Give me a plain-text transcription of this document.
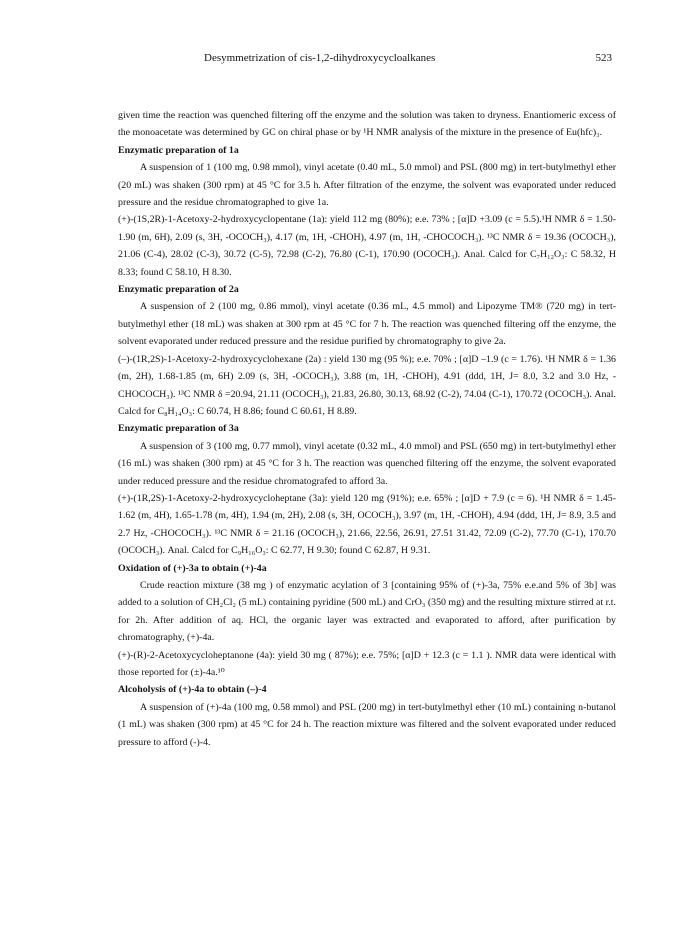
Desymmetrization of cis-1,2-dihydroxycycloalkanes	523

given time the reaction was quenched filtering off the enzyme and the solution was taken to dryness. Enantiomeric excess of the monoacetate was determined by GC on chiral phase or by ¹H NMR analysis of the mixture in the presence of Eu(hfc)₃.

Enzymatic preparation of 1a

A suspension of 1 (100 mg, 0.98 mmol), vinyl acetate (0.40 mL, 5.0 mmol) and PSL (800 mg) in tert-butylmethyl ether (20 mL) was shaken (300 rpm) at 45 °C for 3.5 h. After filtration of the enzyme, the solvent was evaporated under reduced pressure and the residue chromatographed to give 1a.

(+)-(1S,2R)-1-Acetoxy-2-hydroxycyclopentane (1a): yield 112 mg (80%); e.e. 73% ; [α]D +3.09 (c = 5.5).¹H NMR δ = 1.50-1.90 (m, 6H), 2.09 (s, 3H, -OCOCH₃), 4.17 (m, 1H, -CHOH), 4.97 (m, 1H, -CHOCOCH₃). ¹³C NMR δ = 19.36 (OCOCH₃), 21.06 (C-4), 28.02 (C-3), 30.72 (C-5), 72.98 (C-2), 76.80 (C-1), 170.90 (OCOCH₃). Anal. Calcd for C₇H₁₂O₃: C 58.32, H 8.33; found C 58.10, H 8.30.

Enzymatic preparation of 2a

A suspension of 2 (100 mg, 0.86 mmol), vinyl acetate (0.36 mL, 4.5 mmol) and Lipozyme TM® (720 mg) in tert-butylmethyl ether (18 mL) was shaken at 300 rpm at 45 °C for 7 h. The reaction was quenched filtering off the enzyme, the solvent evaporated under reduced pressure and the residue purified by chromatography to give 2a.

(–)-(1R,2S)-1-Acetoxy-2-hydroxycyclohexane (2a) : yield 130 mg (95 %); e.e. 70% ; [α]D –1.9 (c = 1.76). ¹H NMR δ = 1.36 (m, 2H), 1.68-1.85 (m, 6H) 2.09 (s, 3H, -OCOCH₃), 3.88 (m, 1H, -CHOH), 4.91 (ddd, 1H, J= 8.0, 3.2 and 3.0 Hz, -CHOCOCH₃). ¹³C NMR δ =20.94, 21.11 (OCOCH₃), 21.83, 26.80, 30.13, 68.92 (C-2), 74.04 (C-1), 170.72 (OCOCH₃). Anal. Calcd for C₈H₁₄O₃: C 60.74, H 8.86; found C 60.61, H 8.89.

Enzymatic preparation of 3a

A suspension of 3 (100 mg, 0.77 mmol), vinyl acetate (0.32 mL, 4.0 mmol) and PSL (650 mg) in tert-butylmethyl ether (16 mL) was shaken (300 rpm) at 45 °C for 3 h. The reaction was quenched filtering off the enzyme, the solvent evaporated under reduced pressure and the residue chromatografed to afford 3a.

(+)-(1R,2S)-1-Acetoxy-2-hydroxycycloheptane (3a): yield 120 mg (91%); e.e. 65% ; [α]D + 7.9 (c = 6). ¹H NMR δ = 1.45-1.62 (m, 4H), 1.65-1.78 (m, 4H), 1.94 (m, 2H), 2.08 (s, 3H, OCOCH₃), 3.97 (m, 1H, -CHOH), 4.94 (ddd, 1H, J= 8.9, 3.5 and 2.7 Hz, -CHOCOCH₃). ¹³C NMR δ = 21.16 (OCOCH₃), 21.66, 22.56, 26.91, 27.51 31.42, 72.09 (C-2), 77.70 (C-1), 170.70 (OCOCH₃). Anal. Calcd for C₉H₁₆O₃: C 62.77, H 9.30; found C 62.87, H 9.31.

Oxidation of (+)-3a to obtain (+)-4a

Crude reaction mixture (38 mg ) of enzymatic acylation of 3 [containing 95% of (+)-3a, 75% e.e.and 5% of 3b] was added to a solution of CH₂Cl₂ (5 mL) containing pyridine (500 mL) and CrO₃ (350 mg) and the resulting mixture stirred at r.t. for 2h. After addition of aq. HCl, the organic layer was extracted and evaporated to afford, after purification by chromatography, (+)-4a.

(+)-(R)-2-Acetoxycycloheptanone (4a): yield 30 mg ( 87%); e.e. 75%; [α]D + 12.3 (c = 1.1 ). NMR data were identical with those reported for (±)-4a.¹⁰

Alcoholysis of (+)-4a to obtain (–)-4

A suspension of (+)-4a (100 mg, 0.58 mmol) and PSL (200 mg) in tert-butylmethyl ether (10 mL) containing n-butanol (1 mL) was shaken (300 rpm) at 45 °C for 24 h. The reaction mixture was filtered and the solvent evaporated under reduced pressure to afford (-)-4.
